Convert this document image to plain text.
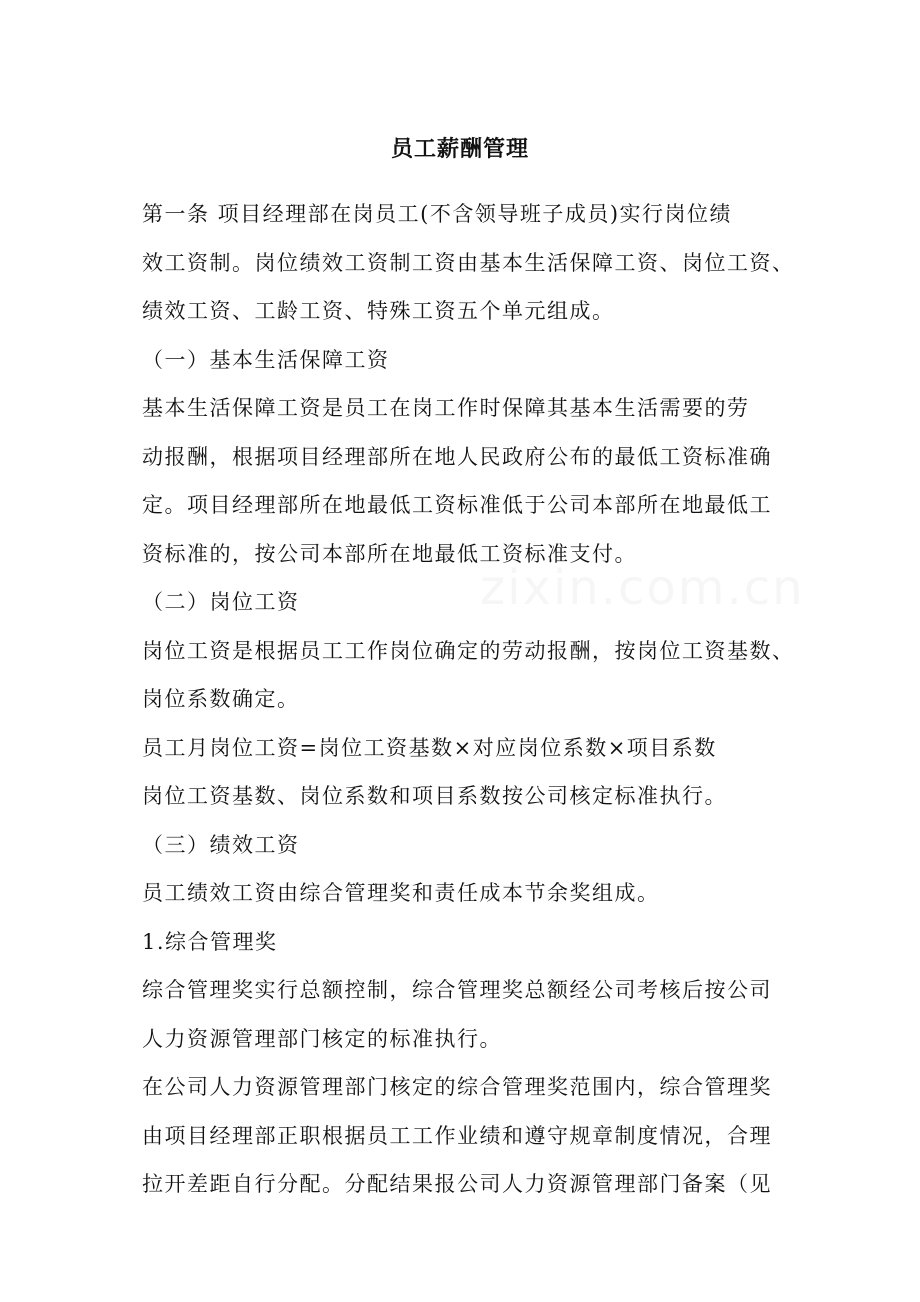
员工薪酬管理

第一条 项目经理部在岗员工(不含领导班子成员)实行岗位绩

效工资制。岗位绩效工资制工资由基本生活保障工资、岗位工资、

绩效工资、工龄工资、特殊工资五个单元组成。

（一）基本生活保障工资

基本生活保障工资是员工在岗工作时保障其基本生活需要的劳

动报酬，根据项目经理部所在地人民政府公布的最低工资标准确

定。项目经理部所在地最低工资标准低于公司本部所在地最低工

资标准的，按公司本部所在地最低工资标准支付。

（二）岗位工资

岗位工资是根据员工工作岗位确定的劳动报酬，按岗位工资基数、

岗位系数确定。

员工月岗位工资=岗位工资基数×对应岗位系数×项目系数

岗位工资基数、岗位系数和项目系数按公司核定标准执行。

（三）绩效工资

员工绩效工资由综合管理奖和责任成本节余奖组成。

1.综合管理奖

综合管理奖实行总额控制，综合管理奖总额经公司考核后按公司

人力资源管理部门核定的标准执行。

在公司人力资源管理部门核定的综合管理奖范围内，综合管理奖

由项目经理部正职根据员工工作业绩和遵守规章制度情况，合理

拉开差距自行分配。分配结果报公司人力资源管理部门备案（见

zixin.com.cn
